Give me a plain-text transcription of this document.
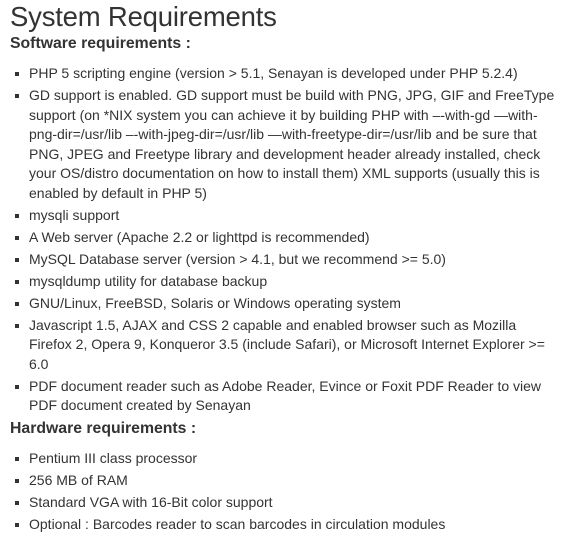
System Requirements
Software requirements :
PHP 5 scripting engine (version > 5.1, Senayan is developed under PHP 5.2.4)
GD support is enabled. GD support must be build with PNG, JPG, GIF and FreeType support (on *NIX system you can achieve it by building PHP with –-with-gd —with-png-dir=/usr/lib –-with-jpeg-dir=/usr/lib —with-freetype-dir=/usr/lib and be sure that PNG, JPEG and Freetype library and development header already installed, check your OS/distro documentation on how to install them) XML supports (usually this is enabled by default in PHP 5)
mysqli support
A Web server (Apache 2.2 or lighttpd is recommended)
MySQL Database server (version > 4.1, but we recommend >= 5.0)
mysqldump utility for database backup
GNU/Linux, FreeBSD, Solaris or Windows operating system
Javascript 1.5, AJAX and CSS 2 capable and enabled browser such as Mozilla Firefox 2, Opera 9, Konqueror 3.5 (include Safari), or Microsoft Internet Explorer >= 6.0
PDF document reader such as Adobe Reader, Evince or Foxit PDF Reader to view PDF document created by Senayan
Hardware requirements :
Pentium III class processor
256 MB of RAM
Standard VGA with 16-Bit color support
Optional : Barcodes reader to scan barcodes in circulation modules
